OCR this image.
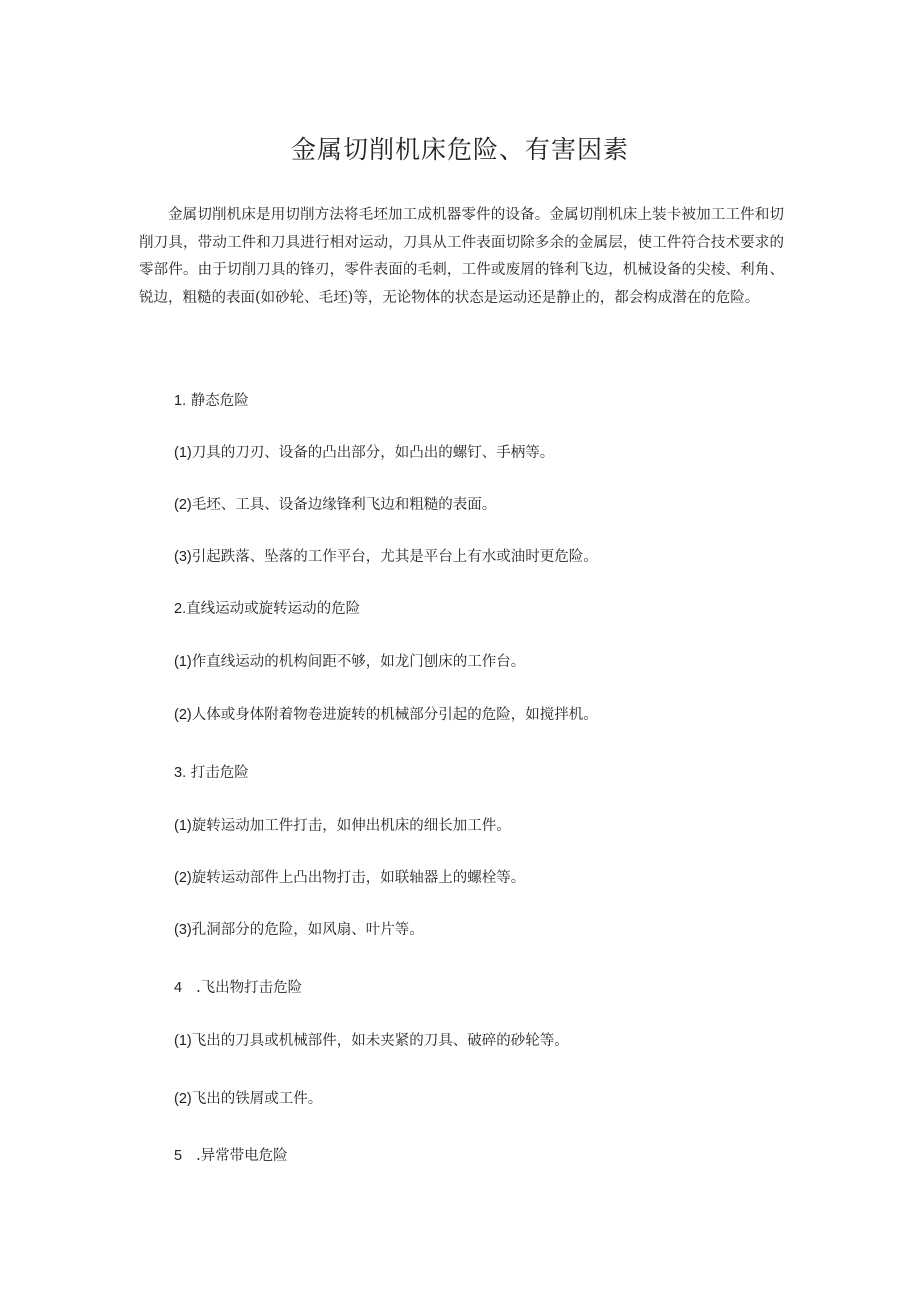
金属切削机床危险、有害因素

金属切削机床是用切削方法将毛坯加工成机器零件的设备。金属切削机床上装卡被加工工件和切削刀具，带动工件和刀具进行相对运动，刀具从工件表面切除多余的金属层，使工件符合技术要求的零部件。由于切削刀具的锋刃，零件表面的毛刺，工件或废屑的锋利飞边，机械设备的尖棱、利角、锐边，粗糙的表面(如砂轮、毛坯)等，无论物体的状态是运动还是静止的，都会构成潜在的危险。

1. 静态危险

(1)刀具的刀刃、设备的凸出部分，如凸出的螺钉、手柄等。

(2)毛坯、工具、设备边缘锋利飞边和粗糙的表面。

(3)引起跌落、坠落的工作平台，尤其是平台上有水或油时更危险。

2.直线运动或旋转运动的危险

(1)作直线运动的机构间距不够，如龙门刨床的工作台。

(2)人体或身体附着物卷进旋转的机械部分引起的危险，如搅拌机。

3. 打击危险

(1)旋转运动加工件打击，如伸出机床的细长加工件。

(2)旋转运动部件上凸出物打击，如联轴器上的螺栓等。

(3)孔洞部分的危险，如风扇、叶片等。

4 .飞出物打击危险

(1)飞出的刀具或机械部件，如未夹紧的刀具、破碎的砂轮等。

(2)飞出的铁屑或工件。

5 .异常带电危险
